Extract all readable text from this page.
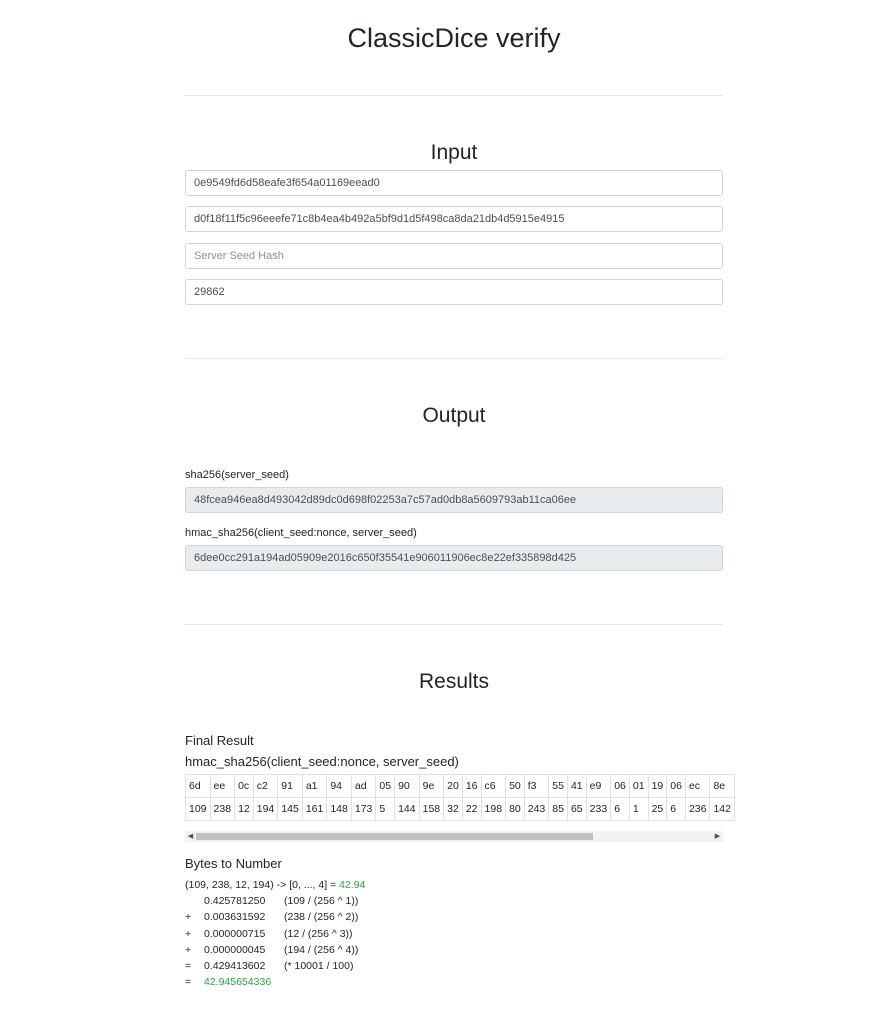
ClassicDice verify
Input
0e9549fd6d58eafe3f654a01169eead0
d0f18f11f5c96eeefe71c8b4ea4b492a5bf9d1d5f498ca8da21db4d5915e4915
Server Seed Hash
29862
Output
sha256(server_seed)
48fcea946ea8d493042d89dc0d698f02253a7c57ad0db8a5609793ab11ca06ee
hmac_sha256(client_seed:nonce, server_seed)
6dee0cc291a194ad05909e2016c650f35541e906011906ec8e22ef335898d425
Results
Final Result
hmac_sha256(client_seed:nonce, server_seed)
6d	ee	0c	c2	91	a1	94	ad	05	90	9e	20	16	c6	50	f3	55	41	e9	06	01	19	06	ec	8e
109	238	12	194	145	161	148	173	5	144	158	32	22	198	80	243	85	65	233	6	1	25	6	236	142
◀	▶
Bytes to Number
(109, 238, 12, 194) -> [0, ..., 4] = 42.94
0.425781250 (109 / (256 ^ 1))
+ 0.003631592 (238 / (256 ^ 2))
+ 0.000000715 (12 / (256 ^ 3))
+ 0.000000045 (194 / (256 ^ 4))
= 0.429413602 (* 10001 / 100)
= 42.945654336
